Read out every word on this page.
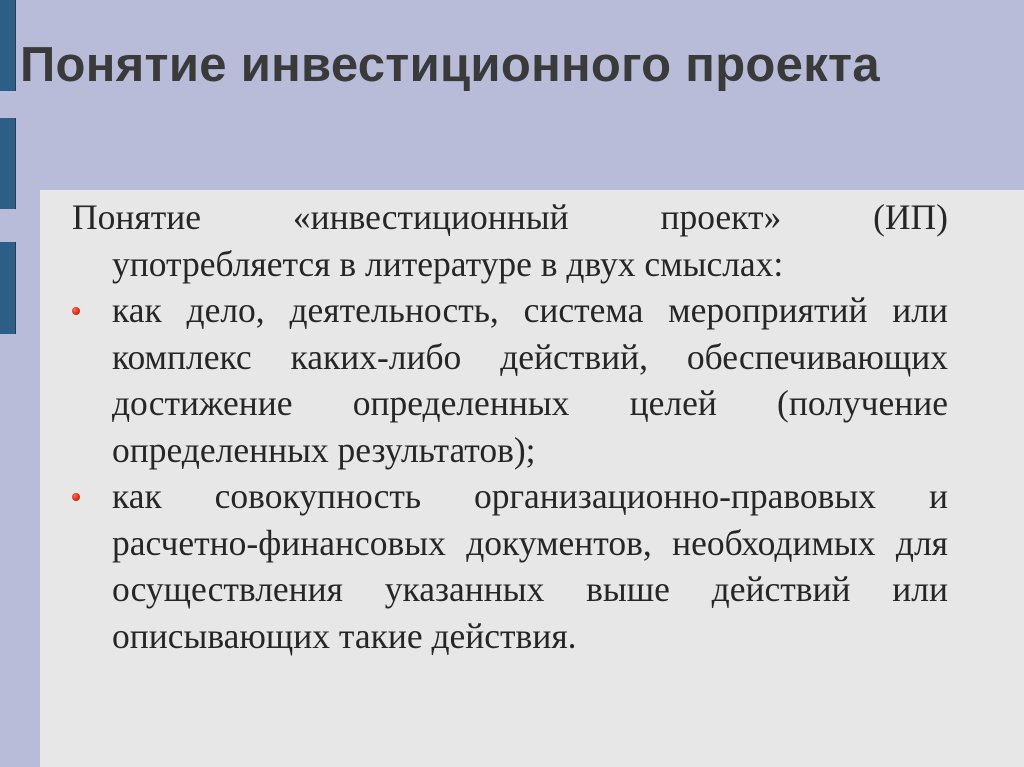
Понятие инвестиционного проекта

Понятие «инвестиционный проект» (ИП)
употребляется в литературе в двух смыслах:

как дело, деятельность, система мероприятий или комплекс каких-либо действий, обеспечивающих достижение определенных целей (получение определенных результатов);
как совокупность организационно-правовых и расчетно-финансовых документов, необходимых для осуществления указанных выше действий или описывающих такие действия.
